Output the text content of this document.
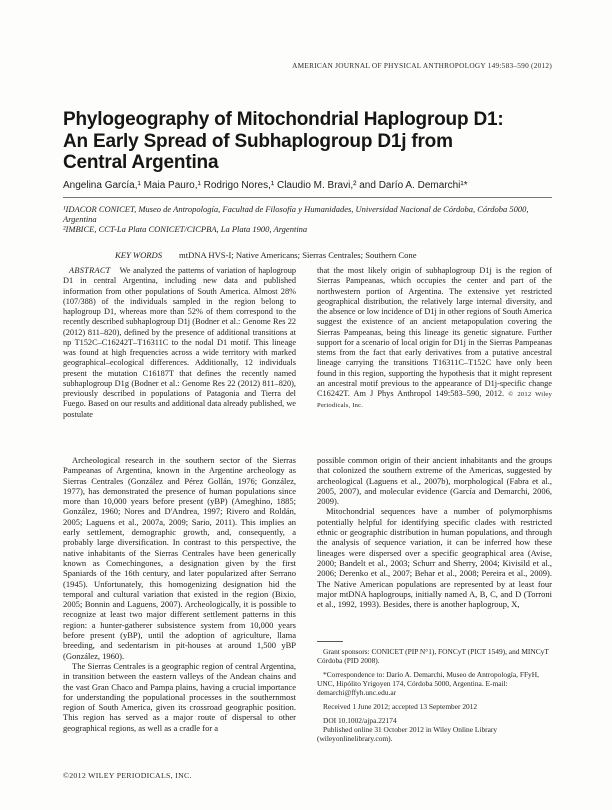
AMERICAN JOURNAL OF PHYSICAL ANTHROPOLOGY 149:583–590 (2012)
Phylogeography of Mitochondrial Haplogroup D1:
An Early Spread of Subhaplogroup D1j from
Central Argentina
Angelina García,¹ Maia Pauro,¹ Rodrigo Nores,¹ Claudio M. Bravi,² and Darío A. Demarchi¹*

¹IDACOR CONICET, Museo de Antropología, Facultad de Filosofía y Humanidades, Universidad Nacional de Córdoba, Córdoba 5000, Argentina

²IMBICE, CCT-La Plata CONICET/CICPBA, La Plata 1900, Argentina

KEY WORDS mtDNA HVS-I; Native Americans; Sierras Centrales; Southern Cone

ABSTRACT We analyzed the patterns of variation of haplogroup D1 in central Argentina, including new data and published information from other populations of South America. Almost 28% (107/388) of the individuals sampled in the region belong to haplogroup D1, whereas more than 52% of them correspond to the recently described subhaplogroup D1j (Bodner et al.: Genome Res 22 (2012) 811–820), defined by the presence of additional transitions at np T152C–C16242T–T16311C to the nodal D1 motif. This lineage was found at high frequencies across a wide territory with marked geographical–ecological differences. Additionally, 12 individuals present the mutation C16187T that defines the recently named subhaplogroup D1g (Bodner et al.: Genome Res 22 (2012) 811–820), previously described in populations of Patagonia and Tierra del Fuego. Based on our results and additional data already published, we postulate

that the most likely origin of subhaplogroup D1j is the region of Sierras Pampeanas, which occupies the center and part of the northwestern portion of Argentina. The extensive yet restricted geographical distribution, the relatively large internal diversity, and the absence or low incidence of D1j in other regions of South America suggest the existence of an ancient metapopulation covering the Sierras Pampeanas, being this lineage its genetic signature. Further support for a scenario of local origin for D1j in the Sierras Pampeanas stems from the fact that early derivatives from a putative ancestral lineage carrying the transitions T16311C–T152C have only been found in this region, supporting the hypothesis that it might represent an ancestral motif previous to the appearance of D1j-specific change C16242T. Am J Phys Anthropol 149:583–590, 2012. © 2012 Wiley Periodicals, Inc.

Archeological research in the southern sector of the Sierras Pampeanas of Argentina, known in the Argentine archeology as Sierras Centrales (González and Pérez Gollán, 1976; González, 1977), has demonstrated the presence of human populations since more than 10,000 years before present (yBP) (Ameghino, 1885; González, 1960; Nores and D'Andrea, 1997; Rivero and Roldán, 2005; Laguens et al., 2007a, 2009; Sario, 2011). This implies an early settlement, demographic growth, and, consequently, a probably large diversification. In contrast to this perspective, the native inhabitants of the Sierras Centrales have been generically known as Comechingones, a designation given by the first Spaniards of the 16th century, and later popularized after Serrano (1945). Unfortunately, this homogenizing designation hid the temporal and cultural variation that existed in the region (Bixio, 2005; Bonnin and Laguens, 2007). Archeologically, it is possible to recognize at least two major different settlement patterns in this region: a hunter-gatherer subsistence system from 10,000 years before present (yBP), until the adoption of agriculture, llama breeding, and sedentarism in pit-houses at around 1,500 yBP (González, 1960).

The Sierras Centrales is a geographic region of central Argentina, in transition between the eastern valleys of the Andean chains and the vast Gran Chaco and Pampa plains, having a crucial importance for understanding the populational processes in the southernmost region of South America, given its crossroad geographic position. This region has served as a major route of dispersal to other geographical regions, as well as a cradle for a

possible common origin of their ancient inhabitants and the groups that colonized the southern extreme of the Americas, suggested by archeological (Laguens et al., 2007b), morphological (Fabra et al., 2005, 2007), and molecular evidence (García and Demarchi, 2006, 2009).

Mitochondrial sequences have a number of polymorphisms potentially helpful for identifying specific clades with restricted ethnic or geographic distribution in human populations, and through the analysis of sequence variation, it can be inferred how these lineages were dispersed over a specific geographical area (Avise, 2000; Bandelt et al., 2003; Schurr and Sherry, 2004; Kivisild et al., 2006; Derenko et al., 2007; Behar et al., 2008; Pereira et al., 2009). The Native American populations are represented by at least four major mtDNA haplogroups, initially named A, B, C, and D (Torroni et al., 1992, 1993). Besides, there is another haplogroup, X,

Grant sponsors: CONICET (PIP N°1), FONCyT (PICT 1549), and MINCyT Córdoba (PID 2008).

*Correspondence to: Darío A. Demarchi, Museo de Antropología, FFyH, UNC, Hipólito Yrigoyen 174, Córdoba 5000, Argentina. E-mail: demarchi@ffyh.unc.edu.ar

Received 1 June 2012; accepted 13 September 2012

DOI 10.1002/ajpa.22174

Published online 31 October 2012 in Wiley Online Library (wileyonlinelibrary.com).

©2012 WILEY PERIODICALS, INC.
